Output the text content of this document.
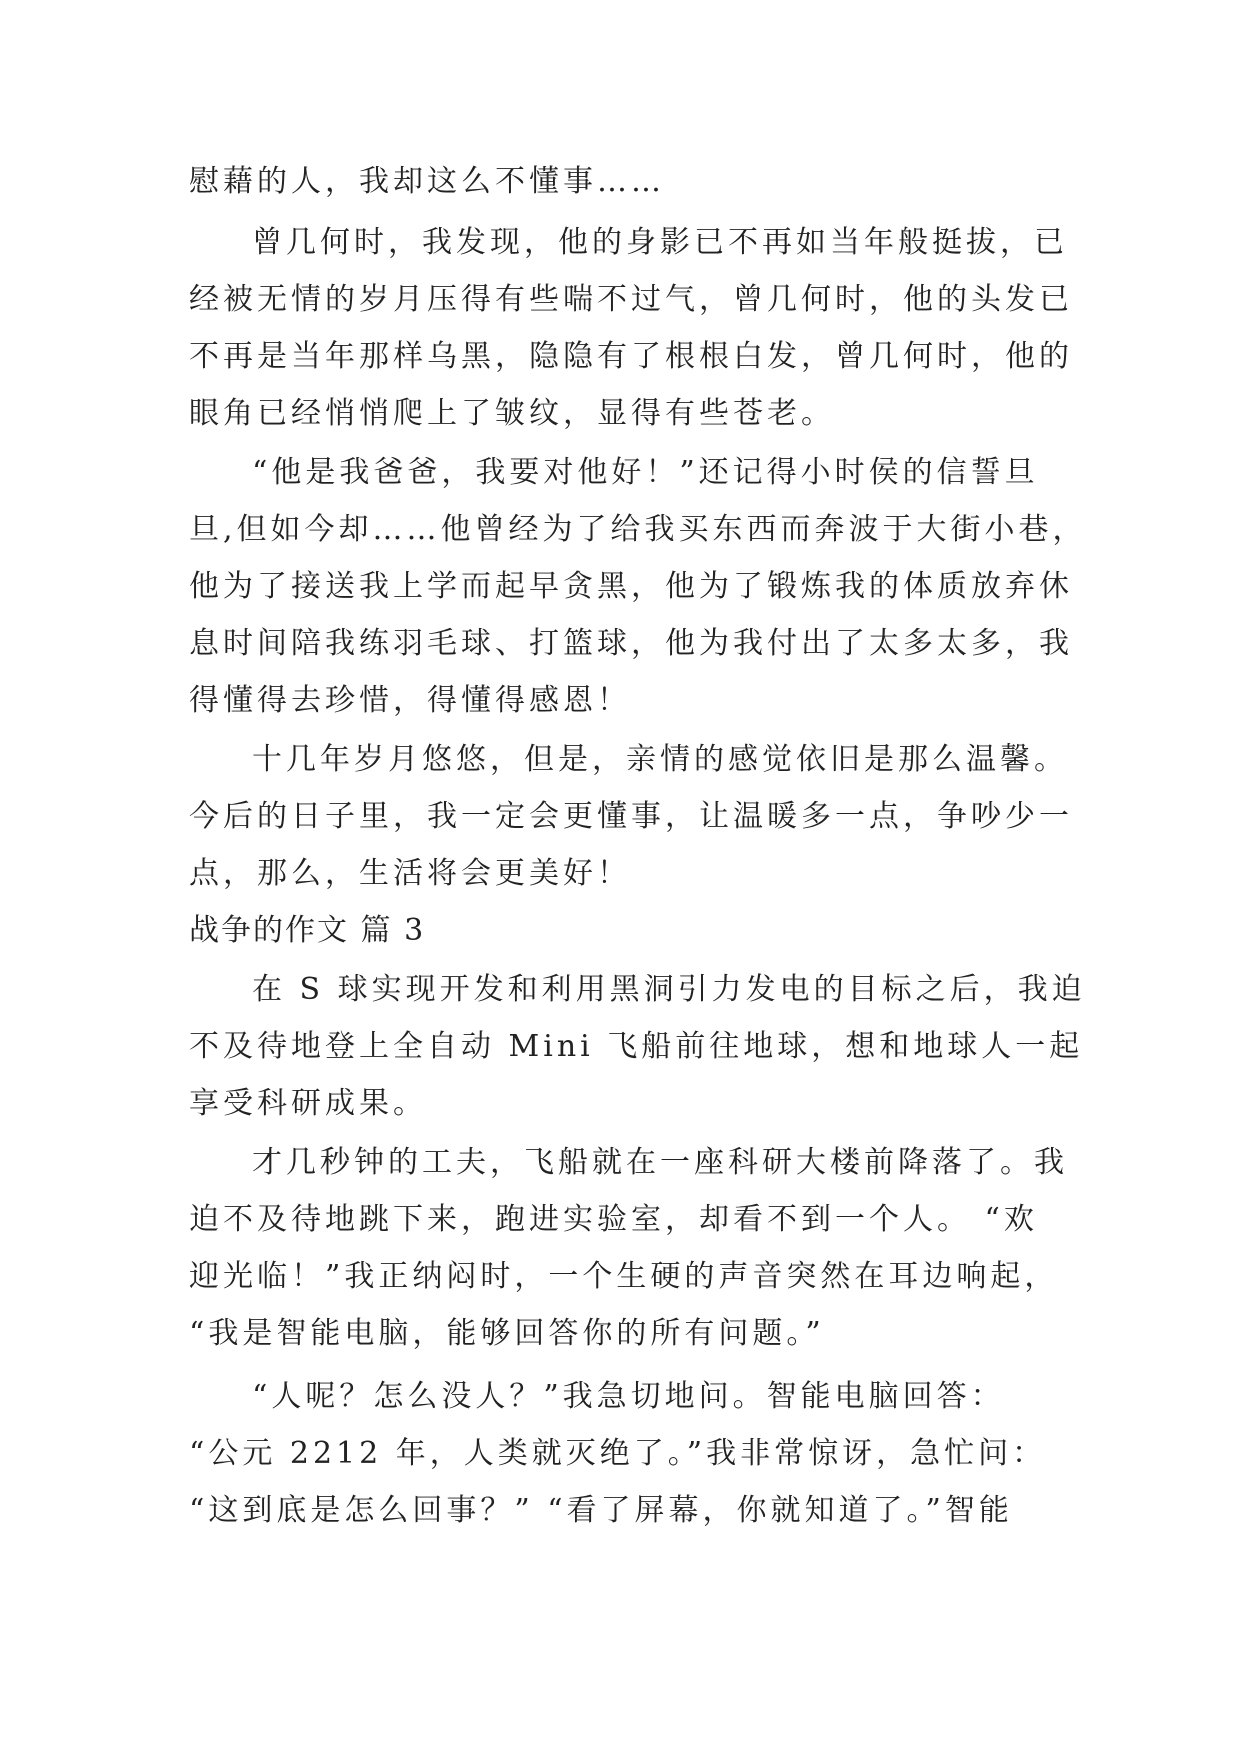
慰藉的人，我却这么不懂事……
曾几何时，我发现，他的身影已不再如当年般挺拔，已
经被无情的岁月压得有些喘不过气，曾几何时，他的头发已
不再是当年那样乌黑，隐隐有了根根白发，曾几何时，他的
眼角已经悄悄爬上了皱纹，显得有些苍老。
“他是我爸爸，我要对他好！”还记得小时侯的信誓旦
旦,但如今却……他曾经为了给我买东西而奔波于大街小巷，
他为了接送我上学而起早贪黑，他为了锻炼我的体质放弃休
息时间陪我练羽毛球、打篮球，他为我付出了太多太多，我
得懂得去珍惜，得懂得感恩！
十几年岁月悠悠，但是，亲情的感觉依旧是那么温馨。
今后的日子里，我一定会更懂事，让温暖多一点，争吵少一
点，那么，生活将会更美好！
战争的作文 篇 3
在 S 球实现开发和利用黑洞引力发电的目标之后，我迫
不及待地登上全自动 Mini 飞船前往地球，想和地球人一起
享受科研成果。
才几秒钟的工夫，飞船就在一座科研大楼前降落了。我
迫不及待地跳下来，跑进实验室，却看不到一个人。 “欢
迎光临！”我正纳闷时，一个生硬的声音突然在耳边响起，
“我是智能电脑，能够回答你的所有问题。”
“人呢？怎么没人？”我急切地问。智能电脑回答：
“公元 2212 年，人类就灭绝了。”我非常惊讶，急忙问：
“这到底是怎么回事？” “看了屏幕，你就知道了。”智能
